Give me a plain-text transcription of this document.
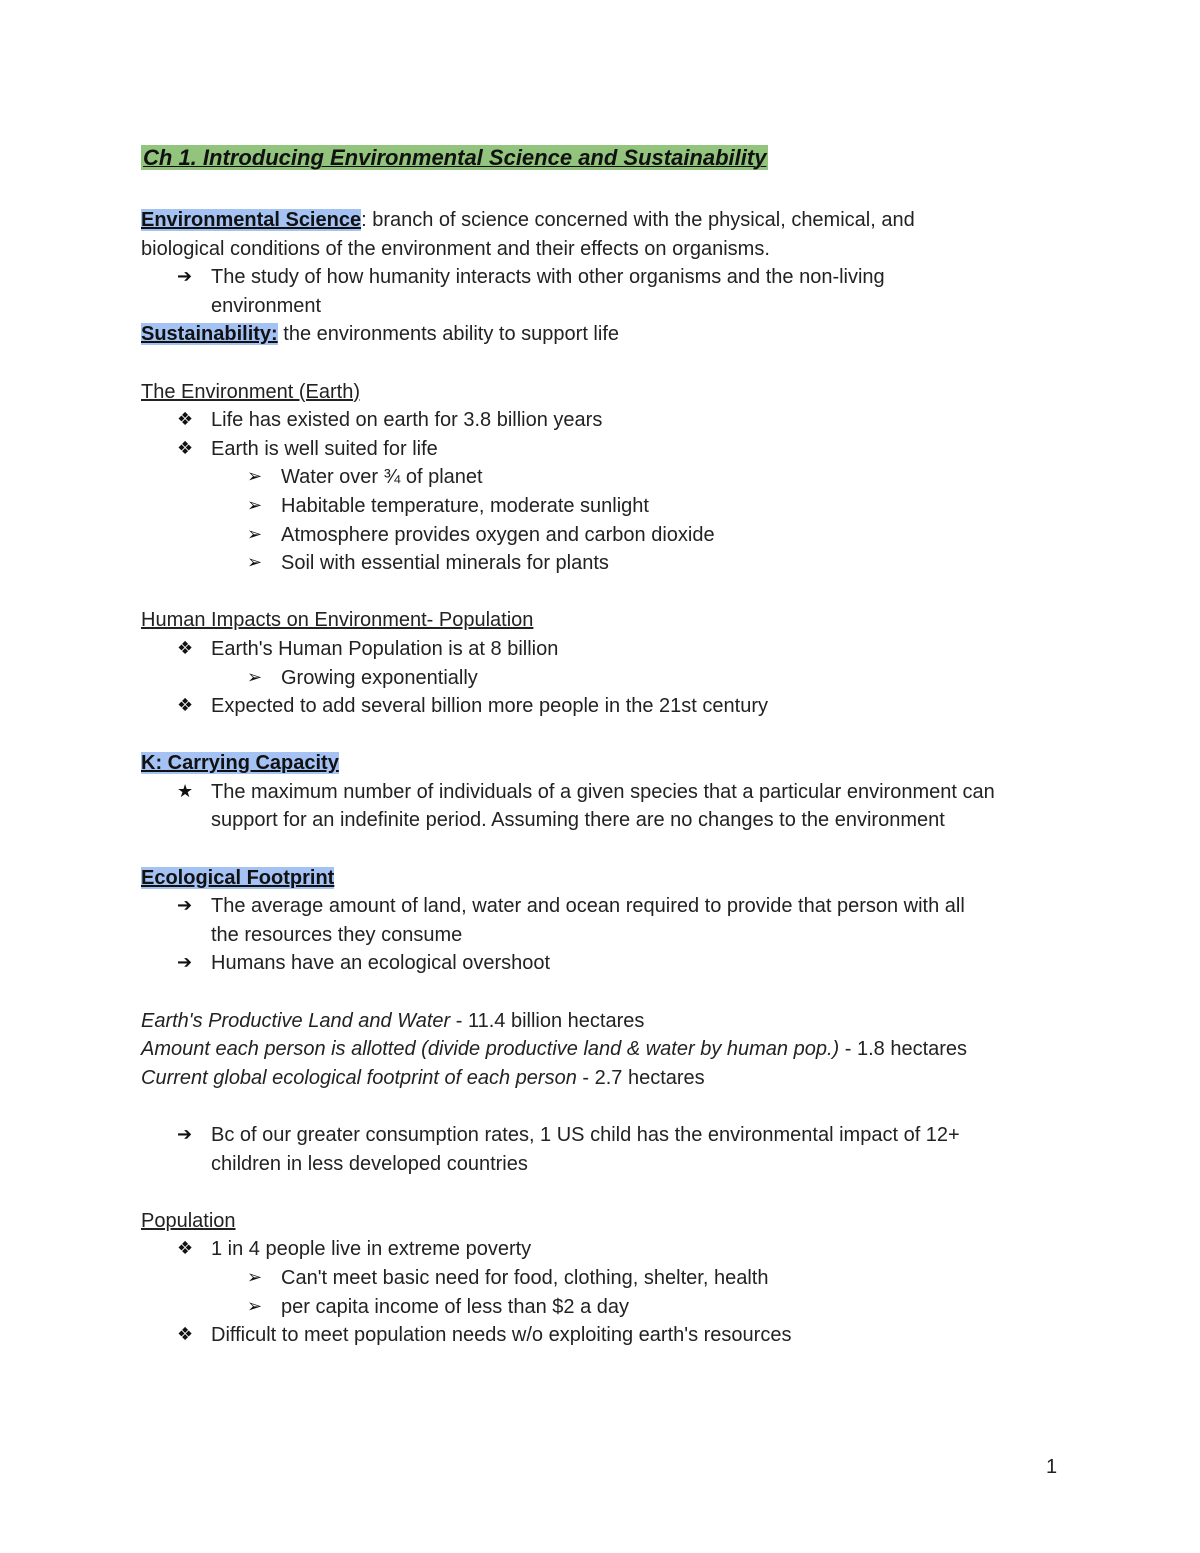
Ch 1. Introducing Environmental Science and Sustainability
Environmental Science: branch of science concerned with the physical, chemical, and
biological conditions of the environment and their effects on organisms.
➔ The study of how humanity interacts with other organisms and the non-living
environment
Sustainability: the environments ability to support life
The Environment (Earth)
❖ Life has existed on earth for 3.8 billion years
❖ Earth is well suited for life
➢ Water over ¾ of planet
➢ Habitable temperature, moderate sunlight
➢ Atmosphere provides oxygen and carbon dioxide
➢ Soil with essential minerals for plants
Human Impacts on Environment- Population
❖ Earth's Human Population is at 8 billion
➢ Growing exponentially
❖ Expected to add several billion more people in the 21st century
K: Carrying Capacity
★ The maximum number of individuals of a given species that a particular environment can
support for an indefinite period. Assuming there are no changes to the environment
Ecological Footprint
➔ The average amount of land, water and ocean required to provide that person with all
the resources they consume
➔ Humans have an ecological overshoot
Earth's Productive Land and Water - 11.4 billion hectares
Amount each person is allotted (divide productive land & water by human pop.) - 1.8 hectares
Current global ecological footprint of each person - 2.7 hectares
➔ Bc of our greater consumption rates, 1 US child has the environmental impact of 12+
children in less developed countries
Population
❖ 1 in 4 people live in extreme poverty
➢ Can't meet basic need for food, clothing, shelter, health
➢ per capita income of less than $2 a day
❖ Difficult to meet population needs w/o exploiting earth's resources
1
